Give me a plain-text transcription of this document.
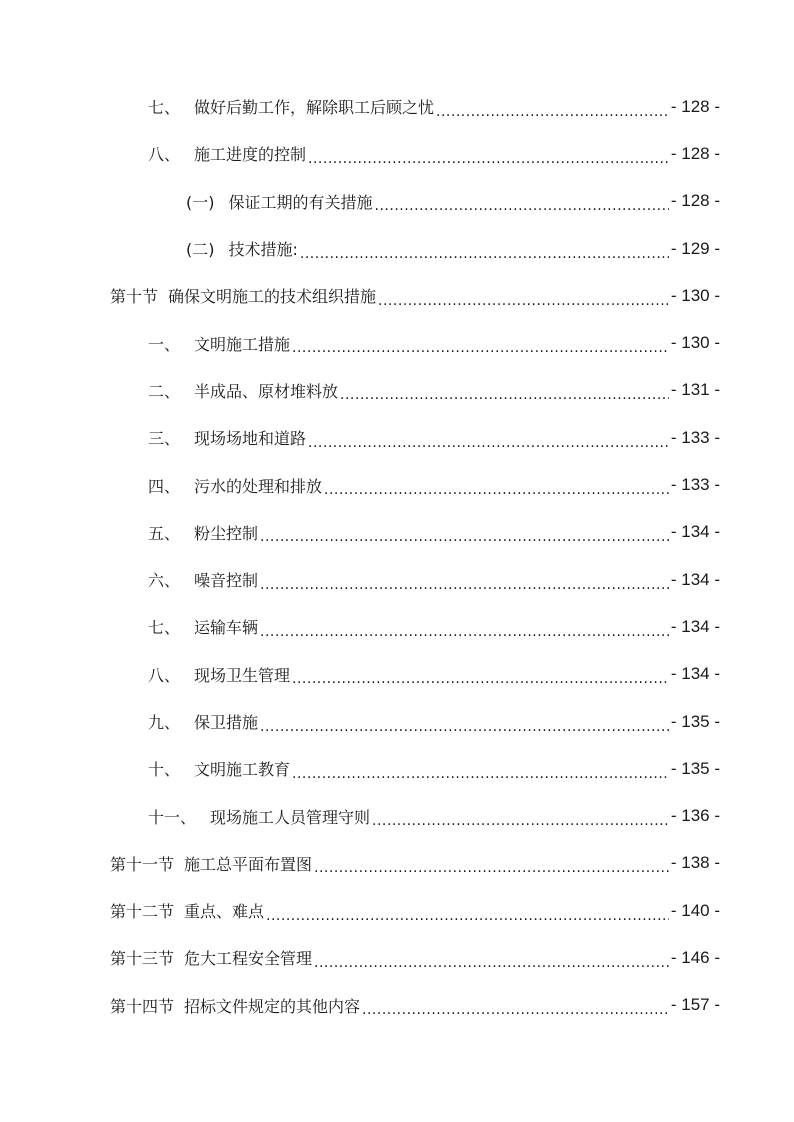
七、 做好后勤工作，解除职工后顾之忧 .....	- 128 -
八、 施工进度的控制 .....	- 128 -
(一) 保证工期的有关措施 .....	- 128 -
(二) 技术措施: .....	- 129 -
第十节 确保文明施工的技术组织措施 .....	- 130 -
一、 文明施工措施 .....	- 130 -
二、 半成品、原材堆料放 .....	- 131 -
三、 现场场地和道路 .....	- 133 -
四、 污水的处理和排放 .....	- 133 -
五、 粉尘控制 .....	- 134 -
六、 噪音控制 .....	- 134 -
七、 运输车辆 .....	- 134 -
八、 现场卫生管理 .....	- 134 -
九、 保卫措施 .....	- 135 -
十、 文明施工教育 .....	- 135 -
十一、 现场施工人员管理守则 .....	- 136 -
第十一节 施工总平面布置图 .....	- 138 -
第十二节 重点、难点 .....	- 140 -
第十三节 危大工程安全管理 .....	- 146 -
第十四节 招标文件规定的其他内容 .....	- 157 -
